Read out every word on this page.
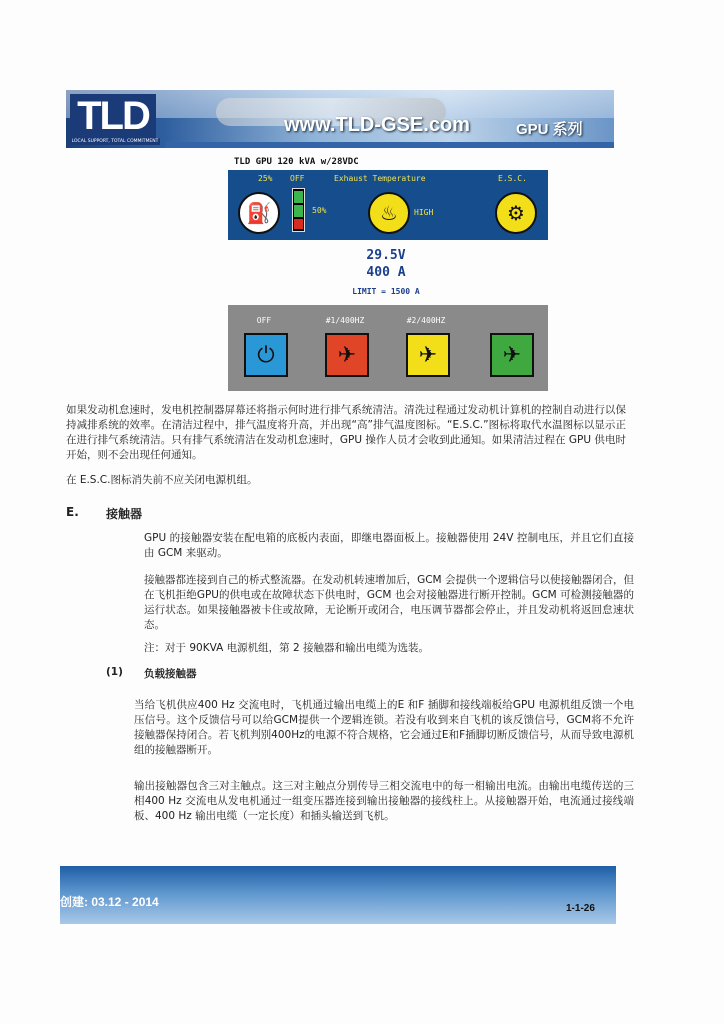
TLD
LOCAL SUPPORT, TOTAL COMMITMENT
www.TLD-GSE.com	GPU 系列
TLD GPU 120 kVA w/28VDC
25% OFF	Exhaust Temperature	E.S.C.
⛽	50%	♨	HIGH	⚙
29.5V
400 A
LIMIT = 1500 A
OFF	#1/400HZ	#2/400HZ
⏻	✈	✈	✈
如果发动机怠速时，发电机控制器屏幕还将指示何时进行排气系统清洁。清洗过程通过发动机计算机的控制自动进行以保持减排系统的效率。在清洁过程中，排气温度将升高，并出现“高”排气温度图标。“E.S.C.”图标将取代水温图标以显示正在进行排气系统清洁。只有排气系统清洁在发动机怠速时，GPU 操作人员才会收到此通知。如果清洁过程在 GPU 供电时开始，则不会出现任何通知。
在 E.S.C.图标消失前不应关闭电源机组。
E. 接触器
GPU 的接触器安装在配电箱的底板内表面，即继电器面板上。接触器使用 24V 控制电压，并且它们直接由 GCM 来驱动。
接触器都连接到自己的桥式整流器。在发动机转速增加后，GCM 会提供一个逻辑信号以使接触器闭合，但在飞机拒绝GPU的供电或在故障状态下供电时，GCM 也会对接触器进行断开控制。GCM 可检测接触器的运行状态。如果接触器被卡住或故障，无论断开或闭合，电压调节器都会停止，并且发动机将返回怠速状态。
注：对于 90KVA 电源机组，第 2 接触器和输出电缆为选装。
(1) 负载接触器
当给飞机供应400 Hz 交流电时，飞机通过输出电缆上的E 和F 插脚和接线端板给GPU 电源机组反馈一个电压信号。这个反馈信号可以给GCM提供一个逻辑连锁。若没有收到来自飞机的该反馈信号，GCM将不允许接触器保持闭合。若飞机判别400Hz的电源不符合规格，它会通过E和F插脚切断反馈信号，从而导致电源机组的接触器断开。
输出接触器包含三对主触点。这三对主触点分别传导三相交流电中的每一相输出电流。由输出电缆传送的三相400 Hz 交流电从发电机通过一组变压器连接到输出接触器的接线柱上。从接触器开始，电流通过接线端板、400 Hz 输出电缆（一定长度）和插头输送到飞机。
创建: 03.12 - 2014	1-1-26
